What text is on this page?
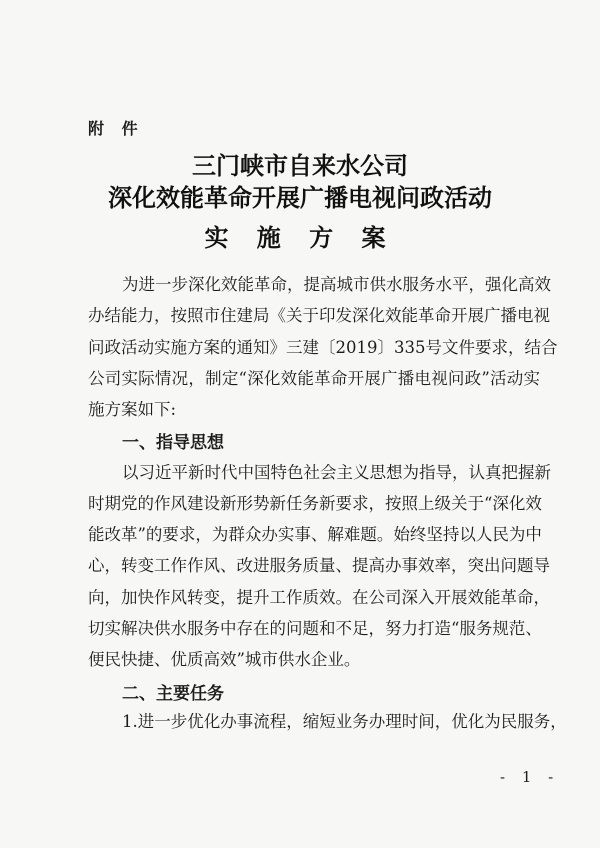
附 件
三门峡市自来水公司
深化效能革命开展广播电视问政活动
实 施 方 案
为进一步深化效能革命，提高城市供水服务水平，强化高效
办结能力，按照市住建局《关于印发深化效能革命开展广播电视
问政活动实施方案的通知》三建〔2019〕335号文件要求，结合
公司实际情况，制定“深化效能革命开展广播电视问政”活动实
施方案如下:
一、指导思想
以习近平新时代中国特色社会主义思想为指导，认真把握新
时期党的作风建设新形势新任务新要求，按照上级关于“深化效
能改革”的要求，为群众办实事、解难题。始终坚持以人民为中
心，转变工作作风、改进服务质量、提高办事效率，突出问题导
向，加快作风转变，提升工作质效。在公司深入开展效能革命，
切实解决供水服务中存在的问题和不足，努力打造“服务规范、
便民快捷、优质高效”城市供水企业。
二、主要任务
1.进一步优化办事流程，缩短业务办理时间，优化为民服务，
- 1 -
